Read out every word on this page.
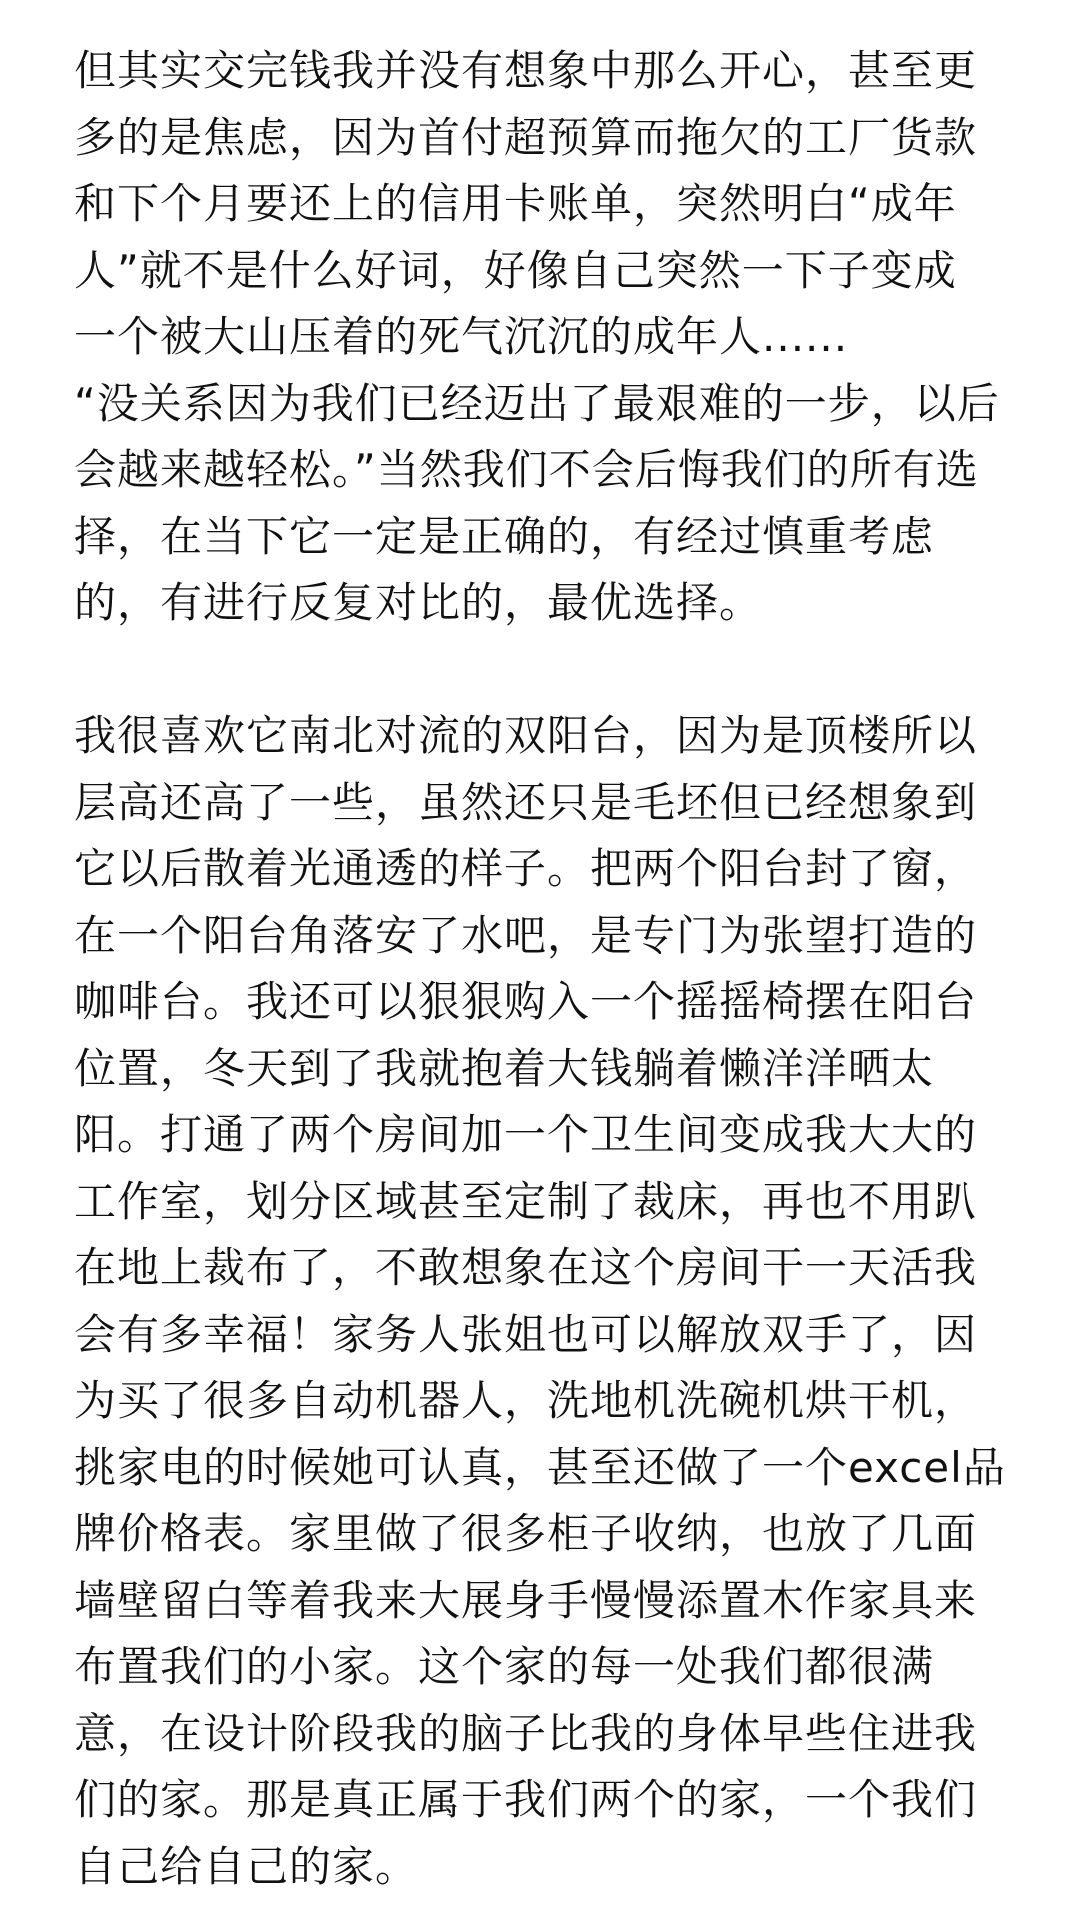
但其实交完钱我并没有想象中那么开心，甚至更
多的是焦虑，因为首付超预算而拖欠的工厂货款
和下个月要还上的信用卡账单，突然明白“成年
人”就不是什么好词，好像自己突然一下子变成
一个被大山压着的死气沉沉的成年人......
“没关系因为我们已经迈出了最艰难的一步，以后
会越来越轻松。”当然我们不会后悔我们的所有选
择，在当下它一定是正确的，有经过慎重考虑
的，有进行反复对比的，最优选择。

我很喜欢它南北对流的双阳台，因为是顶楼所以
层高还高了一些，虽然还只是毛坯但已经想象到
它以后散着光通透的样子。把两个阳台封了窗，
在一个阳台角落安了水吧，是专门为张望打造的
咖啡台。我还可以狠狠购入一个摇摇椅摆在阳台
位置，冬天到了我就抱着大钱躺着懒洋洋晒太
阳。打通了两个房间加一个卫生间变成我大大的
工作室，划分区域甚至定制了裁床，再也不用趴
在地上裁布了，不敢想象在这个房间干一天活我
会有多幸福！家务人张姐也可以解放双手了，因
为买了很多自动机器人，洗地机洗碗机烘干机，
挑家电的时候她可认真，甚至还做了一个excel品
牌价格表。家里做了很多柜子收纳，也放了几面
墙壁留白等着我来大展身手慢慢添置木作家具来
布置我们的小家。这个家的每一处我们都很满
意，在设计阶段我的脑子比我的身体早些住进我
们的家。那是真正属于我们两个的家，一个我们
自己给自己的家。
